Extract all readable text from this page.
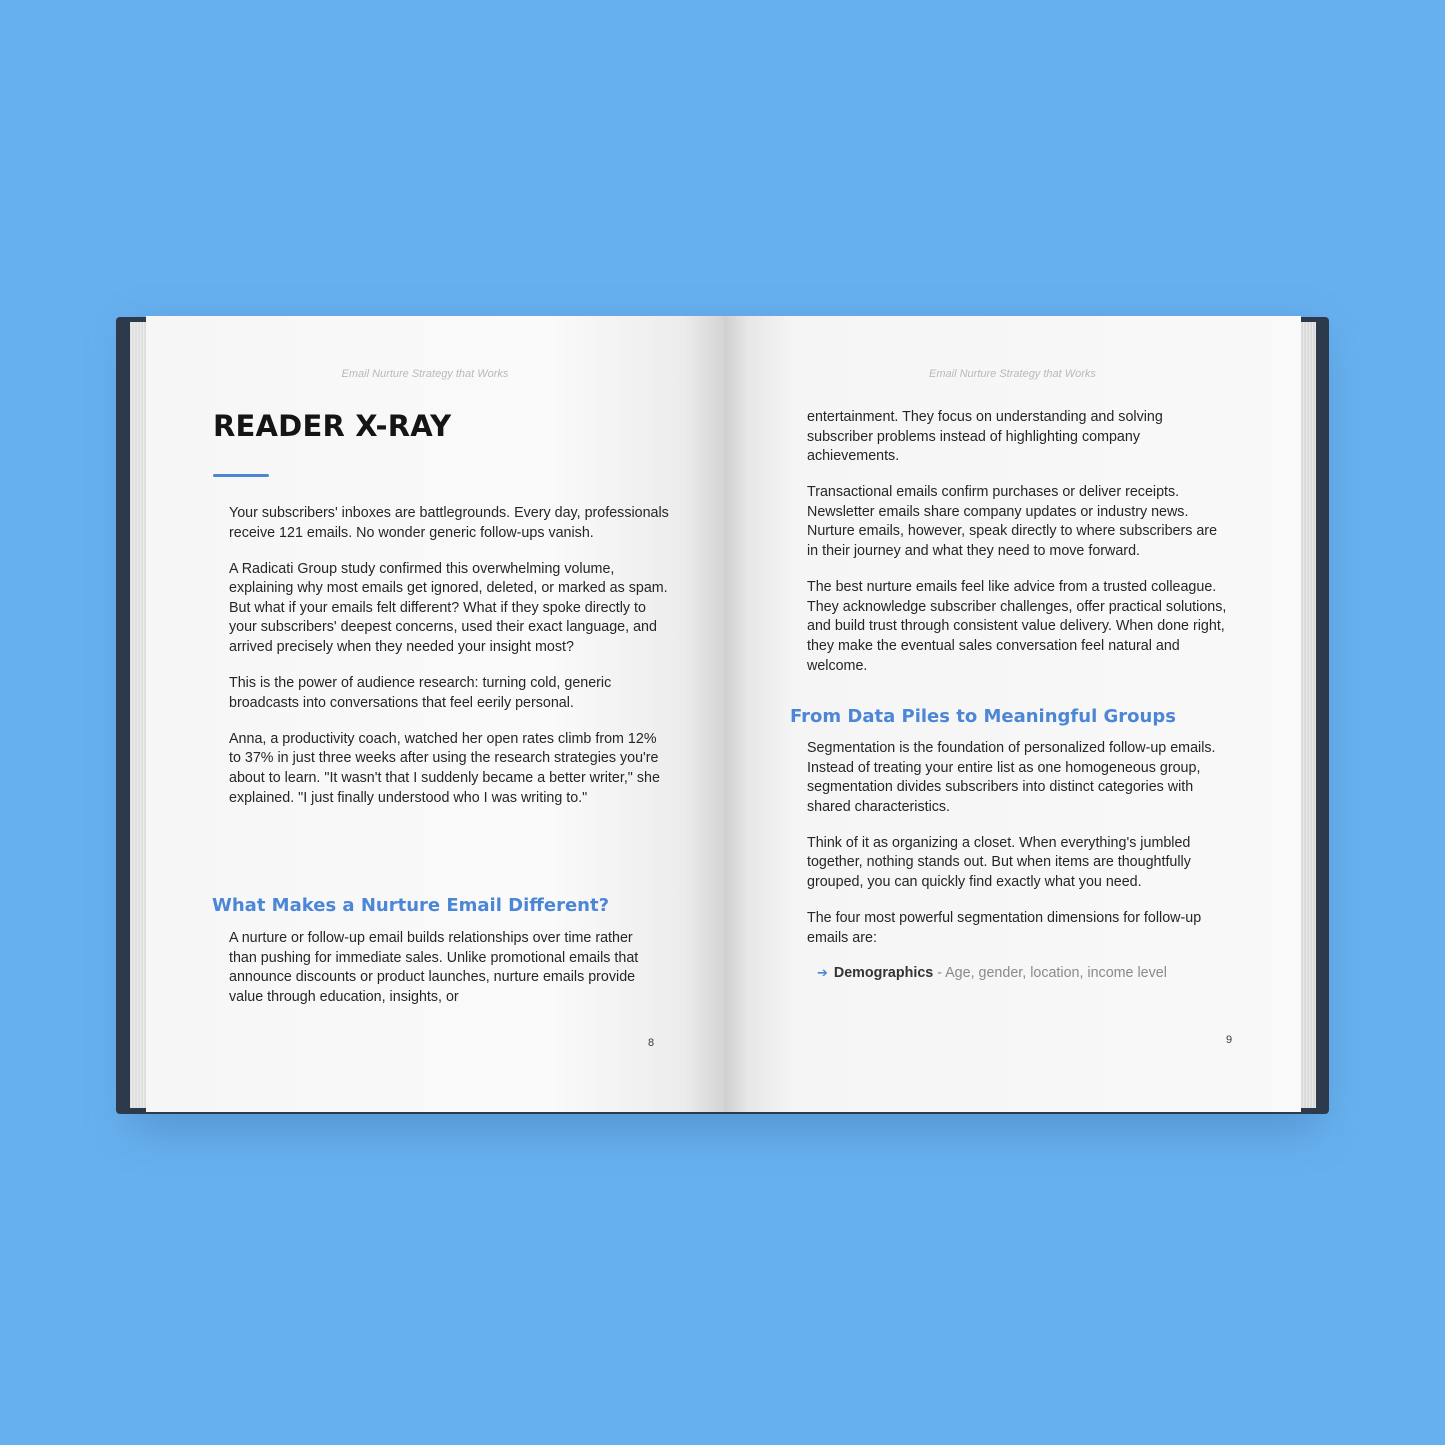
Email Nurture Strategy that Works
READER X-RAY

Your subscribers' inboxes are battlegrounds. Every day, professionals receive 121 emails. No wonder generic follow-ups vanish.

A Radicati Group study confirmed this overwhelming volume, explaining why most emails get ignored, deleted, or marked as spam. But what if your emails felt different? What if they spoke directly to your subscribers' deepest concerns, used their exact language, and arrived precisely when they needed your insight most?

This is the power of audience research: turning cold, generic broadcasts into conversations that feel eerily personal.

Anna, a productivity coach, watched her open rates climb from 12% to 37% in just three weeks after using the research strategies you're about to learn. "It wasn't that I suddenly became a better writer," she explained. "I just finally understood who I was writing to."

What Makes a Nurture Email Different?

A nurture or follow-up email builds relationships over time rather than pushing for immediate sales. Unlike promotional emails that announce discounts or product launches, nurture emails provide value through education, insights, or

8
Email Nurture Strategy that Works

entertainment. They focus on understanding and solving subscriber problems instead of highlighting company achievements.

Transactional emails confirm purchases or deliver receipts. Newsletter emails share company updates or industry news. Nurture emails, however, speak directly to where subscribers are in their journey and what they need to move forward.

The best nurture emails feel like advice from a trusted colleague. They acknowledge subscriber challenges, offer practical solutions, and build trust through consistent value delivery. When done right, they make the eventual sales conversation feel natural and welcome.

From Data Piles to Meaningful Groups

Segmentation is the foundation of personalized follow-up emails. Instead of treating your entire list as one homogeneous group, segmentation divides subscribers into distinct categories with shared characteristics.

Think of it as organizing a closet. When everything's jumbled together, nothing stands out. But when items are thoughtfully grouped, you can quickly find exactly what you need.

The four most powerful segmentation dimensions for follow-up emails are:

➔ Demographics - Age, gender, location, income level
9
